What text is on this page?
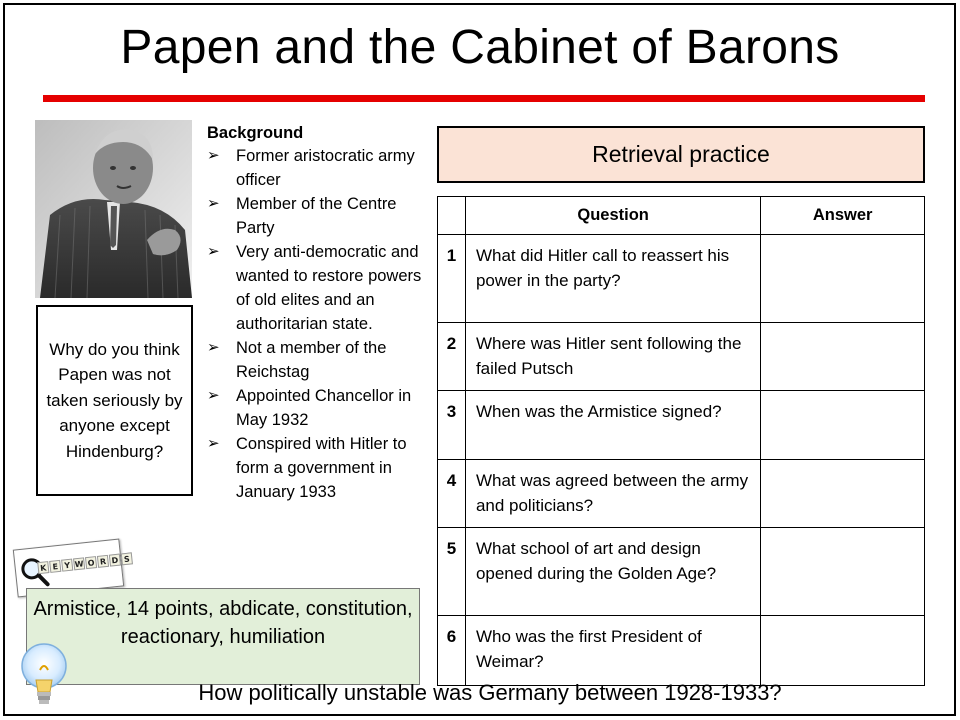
Papen and the Cabinet of Barons
Why do you think Papen was not taken seriously by anyone except Hindenburg?
Background
➢ Former aristocratic army officer
➢ Member of the Centre Party
➢ Very anti-democratic and wanted to restore powers of old elites and an authoritarian state.
➢ Not a member of the Reichstag
➢ Appointed Chancellor in May 1932
➢ Conspired with Hitler to form a government in January 1933
Retrieval practice
	Question	Answer
1	What did Hitler call to reassert his power in the party?	
2	Where was Hitler sent following the failed Putsch	
3	When was the Armistice signed?	
4	What was agreed between the army and politicians?	
5	What school of art and design opened during the Golden Age?	
6	Who was the first President of Weimar?	
K E Y W O R D S
Armistice, 14 points, abdicate, constitution, reactionary, humiliation
How politically unstable was Germany between 1928-1933?
